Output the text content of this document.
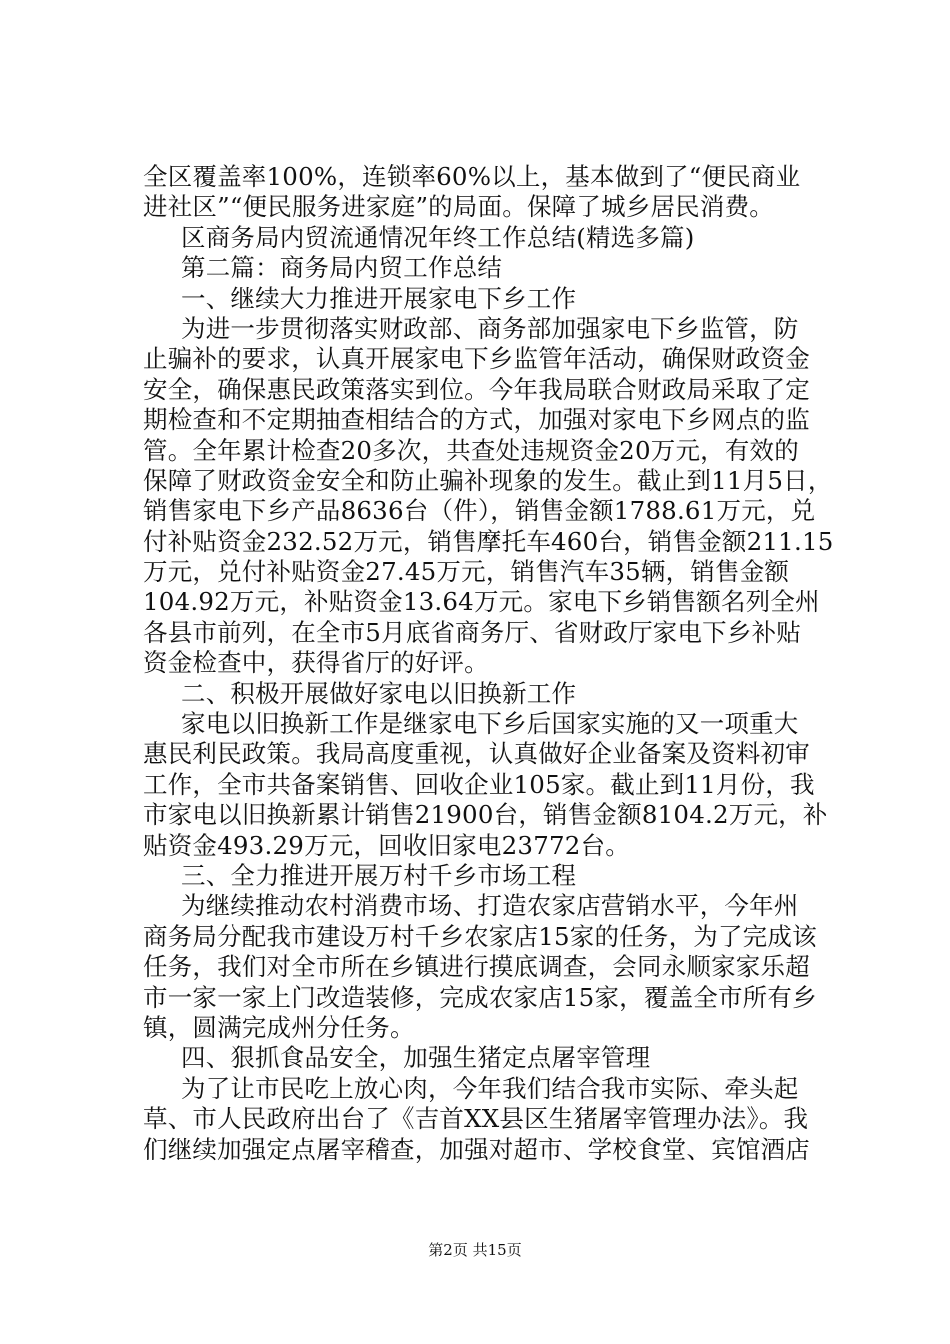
全区覆盖率100%，连锁率60%以上，基本做到了“便民商业
进社区”“便民服务进家庭”的局面。保障了城乡居民消费。
区商务局内贸流通情况年终工作总结(精选多篇)
第二篇：商务局内贸工作总结
一、继续大力推进开展家电下乡工作
为进一步贯彻落实财政部、商务部加强家电下乡监管，防
止骗补的要求，认真开展家电下乡监管年活动，确保财政资金
安全，确保惠民政策落实到位。今年我局联合财政局采取了定
期检查和不定期抽查相结合的方式，加强对家电下乡网点的监
管。全年累计检查20多次，共查处违规资金20万元，有效的
保障了财政资金安全和防止骗补现象的发生。截止到11月5日，
销售家电下乡产品8636台（件），销售金额1788.61万元，兑
付补贴资金232.52万元，销售摩托车460台，销售金额211.15
万元，兑付补贴资金27.45万元，销售汽车35辆，销售金额
104.92万元，补贴资金13.64万元。家电下乡销售额名列全州
各县市前列，在全市5月底省商务厅、省财政厅家电下乡补贴
资金检查中，获得省厅的好评。
二、积极开展做好家电以旧换新工作
家电以旧换新工作是继家电下乡后国家实施的又一项重大
惠民利民政策。我局高度重视，认真做好企业备案及资料初审
工作，全市共备案销售、回收企业105家。截止到11月份，我
市家电以旧换新累计销售21900台，销售金额8104.2万元，补
贴资金493.29万元，回收旧家电23772台。
三、全力推进开展万村千乡市场工程
为继续推动农村消费市场、打造农家店营销水平，今年州
商务局分配我市建设万村千乡农家店15家的任务，为了完成该
任务，我们对全市所在乡镇进行摸底调查，会同永顺家家乐超
市一家一家上门改造装修，完成农家店15家，覆盖全市所有乡
镇，圆满完成州分任务。
四、狠抓食品安全，加强生猪定点屠宰管理
为了让市民吃上放心肉，今年我们结合我市实际、牵头起
草、市人民政府出台了《吉首XX县区生猪屠宰管理办法》。我
们继续加强定点屠宰稽查，加强对超市、学校食堂、宾馆酒店
第2页 共15页
